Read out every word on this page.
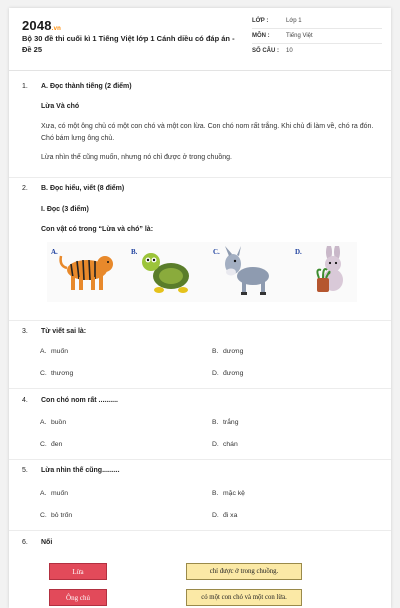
2048.vn
Bộ 30 đề thi cuối kì 1 Tiếng Việt lớp 1 Cánh diều có đáp án - Đề 25
LỚP :	Lớp 1
MÔN :	Tiếng Việt
SỐ CÂU :	10
1. A. Đọc thành tiếng (2 điểm)
Lừa Và chó
Xưa, có một ông chủ có một con chó và một con lừa. Con chó nom rất trắng. Khi chủ đi làm về, chó ra đón. Chó bám lưng ông chủ.
Lừa nhìn thế cũng muốn, nhưng nó chỉ được ở trong chuồng.
2. B. Đọc hiểu, viết (8 điểm)
I. Đọc (3 điểm)
Con vật có trong “Lừa và chó” là:
A.	B.	C.	D.
3. Từ viết sai là:
A. muốn	B. dương
C. thương	D. đương
4. Con chó nom rất ..........
A. buồn	B. trắng
C. đen	D. chán
5. Lừa nhìn thế cũng.........
A. muốn	B. mặc kệ
C. bỏ trốn	D. đi xa
6. Nối
Lừa	chỉ được ở trong chuồng.
Ông chủ	có một con chó và một con lừa.
